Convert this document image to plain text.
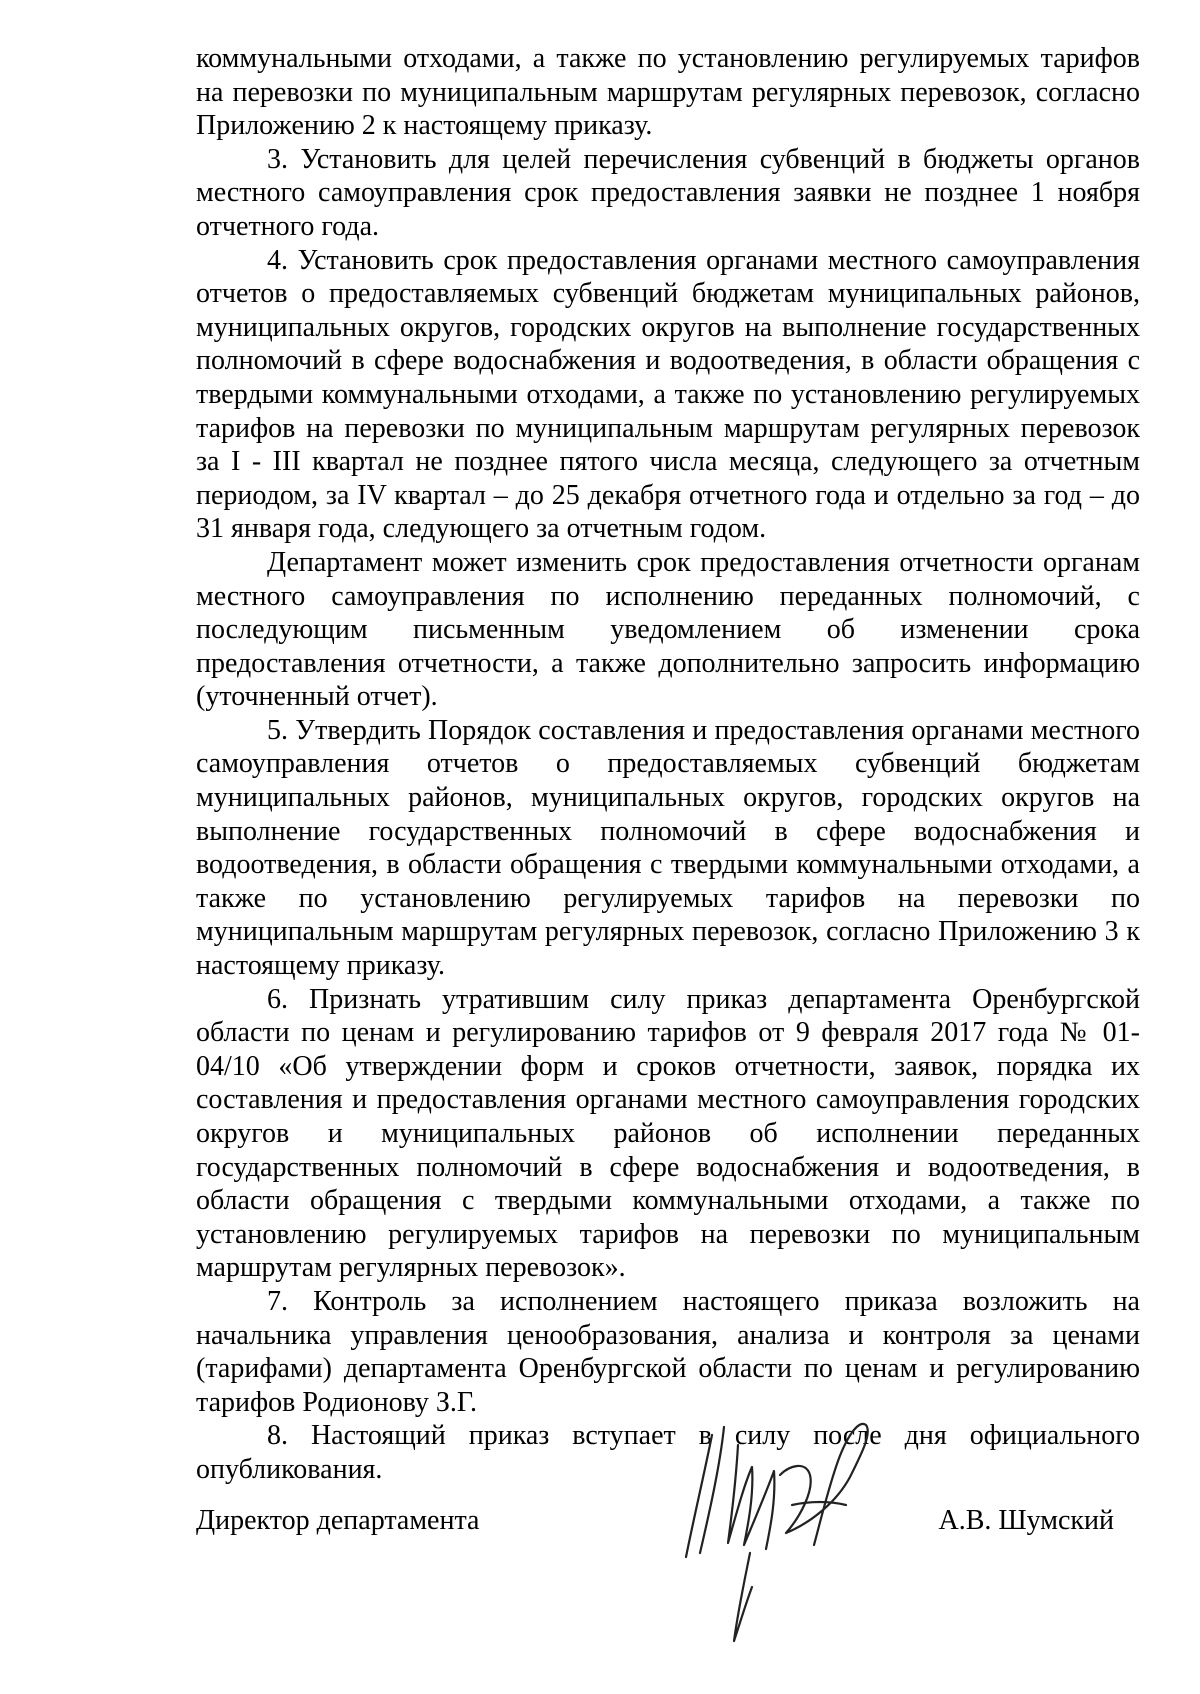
коммунальными отходами, а также по установлению регулируемых тарифов на перевозки по муниципальным маршрутам регулярных перевозок, согласно Приложению 2 к настоящему приказу.

3. Установить для целей перечисления субвенций в бюджеты органов местного самоуправления срок предоставления заявки не позднее 1 ноября отчетного года.

4. Установить срок предоставления органами местного самоуправления отчетов о предоставляемых субвенций бюджетам муниципальных районов, муниципальных округов, городских округов на выполнение государственных полномочий в сфере водоснабжения и водоотведения, в области обращения с твердыми коммунальными отходами, а также по установлению регулируемых тарифов на перевозки по муниципальным маршрутам регулярных перевозок за I - III квартал не позднее пятого числа месяца, следующего за отчетным периодом, за IV квартал – до 25 декабря отчетного года и отдельно за год – до 31 января года, следующего за отчетным годом.

Департамент может изменить срок предоставления отчетности органам местного самоуправления по исполнению переданных полномочий, с последующим письменным уведомлением об изменении срока предоставления отчетности, а также дополнительно запросить информацию (уточненный отчет).

5. Утвердить Порядок составления и предоставления органами местного самоуправления отчетов о предоставляемых субвенций бюджетам муниципальных районов, муниципальных округов, городских округов на выполнение государственных полномочий в сфере водоснабжения и водоотведения, в области обращения с твердыми коммунальными отходами, а также по установлению регулируемых тарифов на перевозки по муниципальным маршрутам регулярных перевозок, согласно Приложению 3 к настоящему приказу.

6. Признать утратившим силу приказ департамента Оренбургской области по ценам и регулированию тарифов от 9 февраля 2017 года № 01-04/10 «Об утверждении форм и сроков отчетности, заявок, порядка их составления и предоставления органами местного самоуправления городских округов и муниципальных районов об исполнении переданных государственных полномочий в сфере водоснабжения и водоотведения, в области обращения с твердыми коммунальными отходами, а также по установлению регулируемых тарифов на перевозки по муниципальным маршрутам регулярных перевозок».

7. Контроль за исполнением настоящего приказа возложить на начальника управления ценообразования, анализа и контроля за ценами (тарифами) департамента Оренбургской области по ценам и регулированию тарифов Родионову З.Г.

8. Настоящий приказ вступает в силу после дня официального опубликования.

Директор департамента	А.В. Шумский
